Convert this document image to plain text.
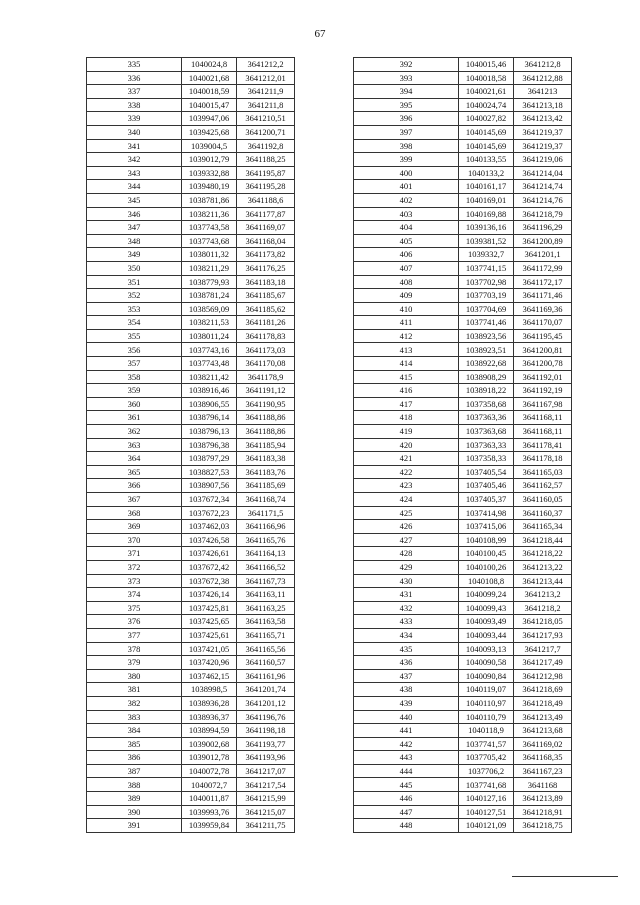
67
335	1040024,8	3641212,2
336	1040021,68	3641212,01
337	1040018,59	3641211,9
338	1040015,47	3641211,8
339	1039947,06	3641210,51
340	1039425,68	3641200,71
341	1039004,5	3641192,8
342	1039012,79	3641188,25
343	1039332,88	3641195,87
344	1039480,19	3641195,28
345	1038781,86	3641188,6
346	1038211,36	3641177,87
347	1037743,58	3641169,07
348	1037743,68	3641168,04
349	1038011,32	3641173,82
350	1038211,29	3641176,25
351	1038779,93	3641183,18
352	1038781,24	3641185,67
353	1038569,09	3641185,62
354	1038211,53	3641181,26
355	1038011,24	3641178,83
356	1037743,16	3641173,03
357	1037743,48	3641170,08
358	1038211,42	3641178,9
359	1038916,46	3641191,12
360	1038906,55	3641190,95
361	1038796,14	3641188,86
362	1038796,13	3641188,86
363	1038796,38	3641185,94
364	1038797,29	3641183,38
365	1038827,53	3641183,76
366	1038907,56	3641185,69
367	1037672,34	3641168,74
368	1037672,23	3641171,5
369	1037462,03	3641166,96
370	1037426,58	3641165,76
371	1037426,61	3641164,13
372	1037672,42	3641166,52
373	1037672,38	3641167,73
374	1037426,14	3641163,11
375	1037425,81	3641163,25
376	1037425,65	3641163,58
377	1037425,61	3641165,71
378	1037421,05	3641165,56
379	1037420,96	3641160,57
380	1037462,15	3641161,96
381	1038998,5	3641201,74
382	1038936,28	3641201,12
383	1038936,37	3641196,76
384	1038994,59	3641198,18
385	1039002,68	3641193,77
386	1039012,78	3641193,96
387	1040072,78	3641217,07
388	1040072,7	3641217,54
389	1040011,87	3641215,99
390	1039993,76	3641215,07
391	1039959,84	3641211,75
392	1040015,46	3641212,8
393	1040018,58	3641212,88
394	1040021,61	3641213
395	1040024,74	3641213,18
396	1040027,82	3641213,42
397	1040145,69	3641219,37
398	1040145,69	3641219,37
399	1040133,55	3641219,06
400	1040133,2	3641214,04
401	1040161,17	3641214,74
402	1040169,01	3641214,76
403	1040169,88	3641218,79
404	1039136,16	3641196,29
405	1039381,52	3641200,89
406	1039332,7	3641201,1
407	1037741,15	3641172,99
408	1037702,98	3641172,17
409	1037703,19	3641171,46
410	1037704,69	3641169,36
411	1037741,46	3641170,07
412	1038923,56	3641195,45
413	1038923,51	3641200,81
414	1038922,68	3641200,78
415	1038908,29	3641192,01
416	1038918,22	3641192,19
417	1037358,68	3641167,98
418	1037363,36	3641168,11
419	1037363,68	3641168,11
420	1037363,33	3641178,41
421	1037358,33	3641178,18
422	1037405,54	3641165,03
423	1037405,46	3641162,57
424	1037405,37	3641160,05
425	1037414,98	3641160,37
426	1037415,06	3641165,34
427	1040108,99	3641218,44
428	1040100,45	3641218,22
429	1040100,26	3641213,22
430	1040108,8	3641213,44
431	1040099,24	3641213,2
432	1040099,43	3641218,2
433	1040093,49	3641218,05
434	1040093,44	3641217,93
435	1040093,13	3641217,7
436	1040090,58	3641217,49
437	1040090,84	3641212,98
438	1040119,07	3641218,69
439	1040110,97	3641218,49
440	1040110,79	3641213,49
441	1040118,9	3641213,68
442	1037741,57	3641169,02
443	1037705,42	3641168,35
444	1037706,2	3641167,23
445	1037741,68	3641168
446	1040127,16	3641213,89
447	1040127,51	3641218,91
448	1040121,09	3641218,75
